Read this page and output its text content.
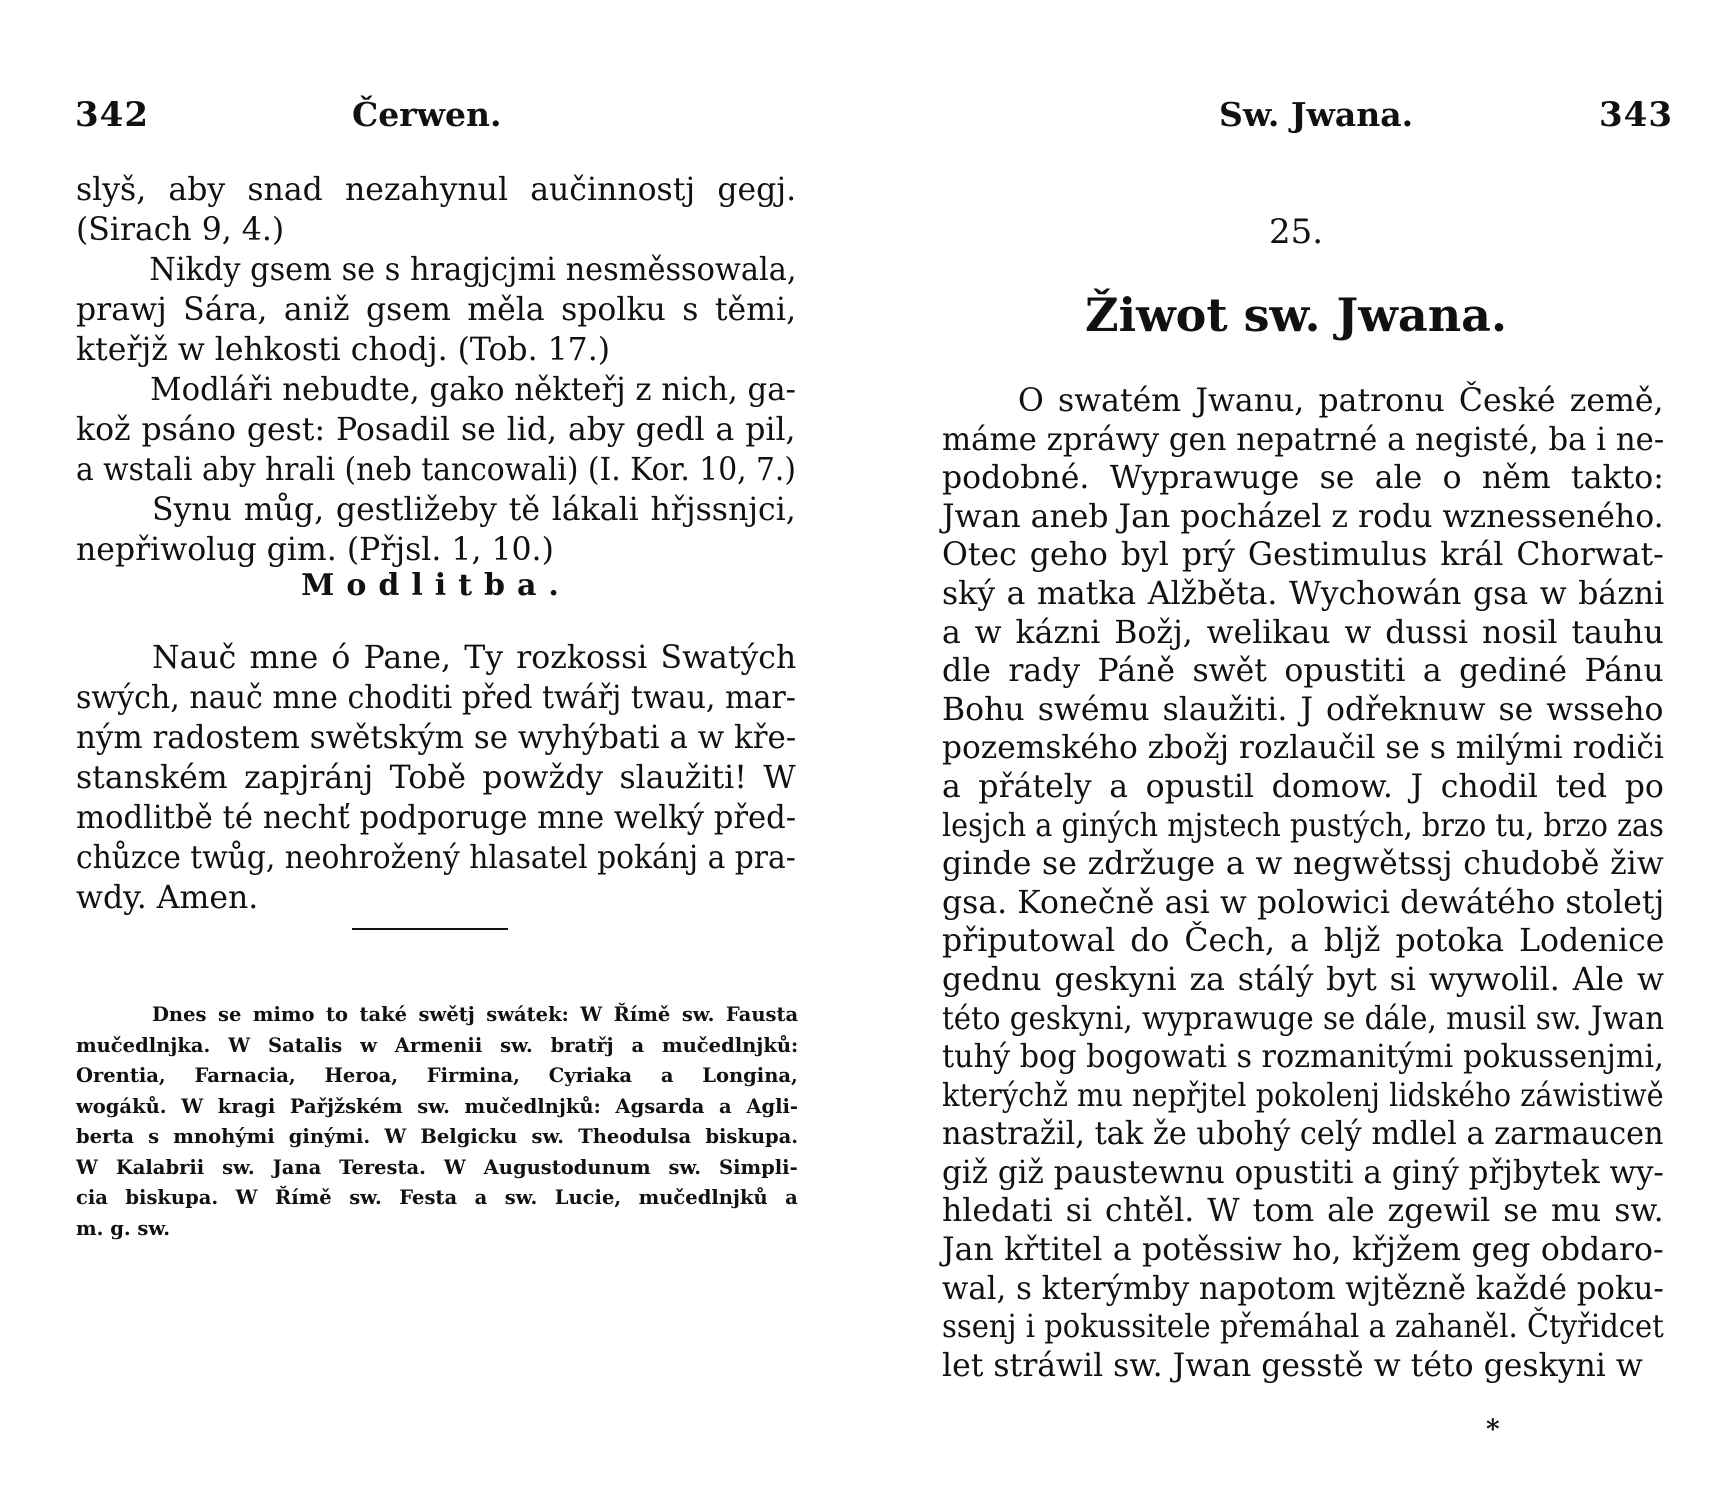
342	Čerwen.
slyš, aby snad nezahynul aučinnostj gegj.
(Sirach 9, 4.)
Nikdy gsem se s hragjcjmi nesměssowala,
prawj Sára, aniž gsem měla spolku s těmi,
kteřjž w lehkosti chodj. (Tob. 17.)
Modláři nebudte, gako někteřj z nich, ga-
kož psáno gest: Posadil se lid, aby gedl a pil,
a wstali aby hrali (neb tancowali) (I. Kor. 10, 7.)
Synu můg, gestližeby tě lákali hřjssnjci,
nepřiwolug gim. (Přjsl. 1, 10.)
Modlitba.
Nauč mne ó Pane, Ty rozkossi Swatých
swých, nauč mne choditi před twářj twau, mar-
ným radostem swětským se wyhýbati a w kře-
stanském zapjránj Tobě powždy slaužiti! W
modlitbě té nechť podporuge mne welký před-
chůzce twůg, neohrožený hlasatel pokánj a pra-
wdy. Amen.
Dnes se mimo to také swětj swátek: W Římě sw. Fausta
mučedlnjka. W Satalis w Armenii sw. bratřj a mučedlnjků:
Orentia, Farnacia, Heroa, Firmina, Cyriaka a Longina,
wogáků. W kragi Pařjžském sw. mučedlnjků: Agsarda a Agli-
berta s mnohými ginými. W Belgicku sw. Theodulsa biskupa.
W Kalabrii sw. Jana Teresta. W Augustodunum sw. Simpli-
cia biskupa. W Římě sw. Festa a sw. Lucie, mučedlnjků a
m. g. sw.
Sw. Jwana.	343
25.
Žiwot sw. Jwana.
O swatém Jwanu, patronu České země,
máme zpráwy gen nepatrné a negisté, ba i ne-
podobné. Wyprawuge se ale o něm takto:
Jwan aneb Jan pocházel z rodu wznesseného.
Otec geho byl prý Gestimulus král Chorwat-
ský a matka Alžběta. Wychowán gsa w bázni
a w kázni Božj, welikau w dussi nosil tauhu
dle rady Páně swět opustiti a gediné Pánu
Bohu swému slaužiti. J odřeknuw se wsseho
pozemského zbožj rozlaučil se s milými rodiči
a přátely a opustil domow. J chodil ted po
lesjch a giných mjstech pustých, brzo tu, brzo zas
ginde se zdržuge a w negwětssj chudobě žiw
gsa. Konečně asi w polowici dewátého stoletj
připutowal do Čech, a bljž potoka Lodenice
gednu geskyni za stálý byt si wywolil. Ale w
této geskyni, wyprawuge se dále, musil sw. Jwan
tuhý bog bogowati s rozmanitými pokussenjmi,
kterýchž mu nepřjtel pokolenj lidského záwistiwě
nastražil, tak že ubohý celý mdlel a zarmaucen
giž giž paustewnu opustiti a giný přjbytek wy-
hledati si chtěl. W tom ale zgewil se mu sw.
Jan křtitel a potěssiw ho, křjžem geg obdaro-
wal, s kterýmby napotom wjtězně každé poku-
ssenj i pokussitele přemáhal a zahaněl. Čtyřidcet
let stráwil sw. Jwan gesstě w této geskyni w
*
